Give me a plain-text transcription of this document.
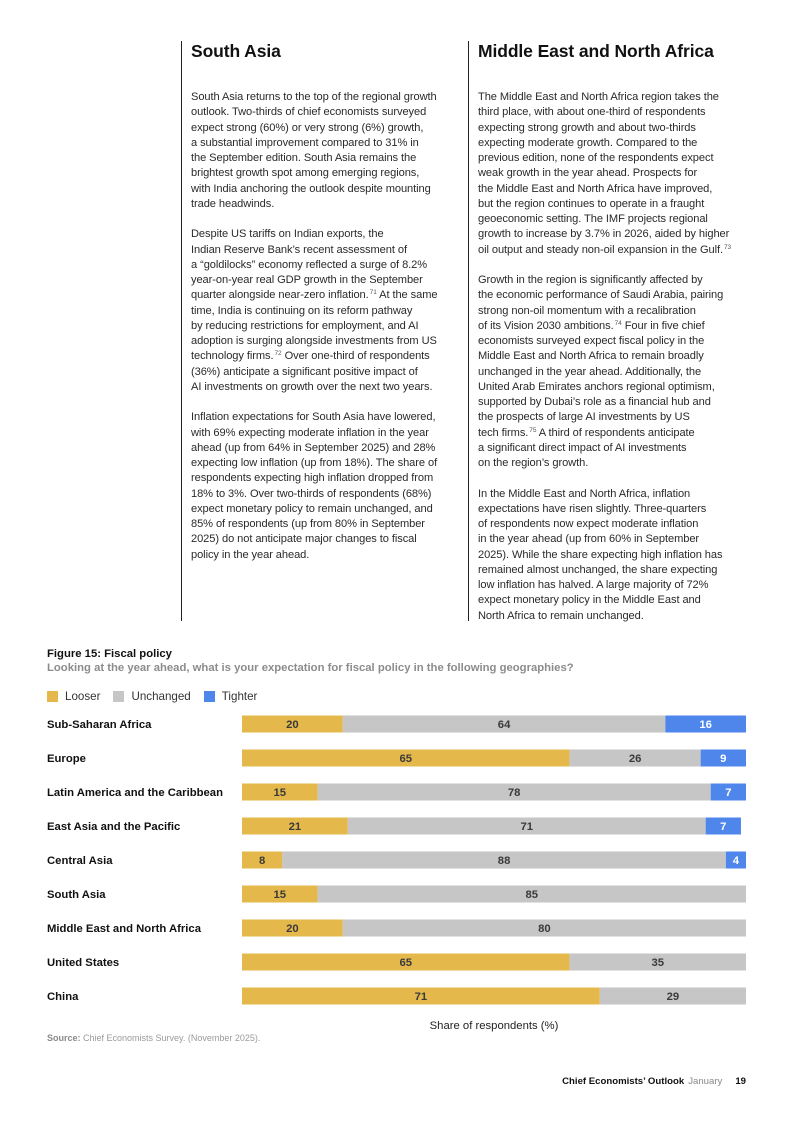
South Asia

South Asia returns to the top of the regional growth
outlook. Two-thirds of chief economists surveyed
expect strong (60%) or very strong (6%) growth,
a substantial improvement compared to 31% in
the September edition. South Asia remains the
brightest growth spot among emerging regions,
with India anchoring the outlook despite mounting
trade headwinds.

Despite US tariffs on Indian exports, the
Indian Reserve Bank’s recent assessment of
a “goldilocks” economy reflected a surge of 8.2%
year-on-year real GDP growth in the September
quarter alongside near-zero inflation.$^{71}$ At the same
time, India is continuing on its reform pathway
by reducing restrictions for employment, and AI
adoption is surging alongside investments from US
technology firms.$^{72}$ Over one-third of respondents
(36%) anticipate a significant positive impact of
AI investments on growth over the next two years.

Inflation expectations for South Asia have lowered,
with 69% expecting moderate inflation in the year
ahead (up from 64% in September 2025) and 28%
expecting low inflation (up from 18%). The share of
respondents expecting high inflation dropped from
18% to 3%. Over two-thirds of respondents (68%)
expect monetary policy to remain unchanged, and
85% of respondents (up from 80% in September
2025) do not anticipate major changes to fiscal
policy in the year ahead.

Middle East and North Africa

The Middle East and North Africa region takes the
third place, with about one-third of respondents
expecting strong growth and about two-thirds
expecting moderate growth. Compared to the
previous edition, none of the respondents expect
weak growth in the year ahead. Prospects for
the Middle East and North Africa have improved,
but the region continues to operate in a fraught
geoeconomic setting. The IMF projects regional
growth to increase by 3.7% in 2026, aided by higher
oil output and steady non-oil expansion in the Gulf.$^{73}$

Growth in the region is significantly affected by
the economic performance of Saudi Arabia, pairing
strong non-oil momentum with a recalibration
of its Vision 2030 ambitions.$^{74}$ Four in five chief
economists surveyed expect fiscal policy in the
Middle East and North Africa to remain broadly
unchanged in the year ahead. Additionally, the
United Arab Emirates anchors regional optimism,
supported by Dubai’s role as a financial hub and
the prospects of large AI investments by US
tech firms.$^{75}$ A third of respondents anticipate
a significant direct impact of AI investments
on the region’s growth.

In the Middle East and North Africa, inflation
expectations have risen slightly. Three-quarters
of respondents now expect moderate inflation
in the year ahead (up from 60% in September
2025). While the share expecting high inflation has
remained almost unchanged, the share expecting
low inflation has halved. A large majority of 72%
expect monetary policy in the Middle East and
North Africa to remain unchanged.

Figure 15: Fiscal policy
Looking at the year ahead, what is your expectation for fiscal policy in the following geographies?
Looser	Unchanged	Tighter
Sub-Saharan Africa	20	64	16
Europe	65	26	9
Latin America and the Caribbean	15	78	7
East Asia and the Pacific	21	71	7
Central Asia	8	88	4
South Asia	15	85
Middle East and North Africa	20	80
United States	65	35
China	71	29
Share of respondents (%)
Source: Chief Economists Survey. (November 2025).
Chief Economists’ Outlook January 19
